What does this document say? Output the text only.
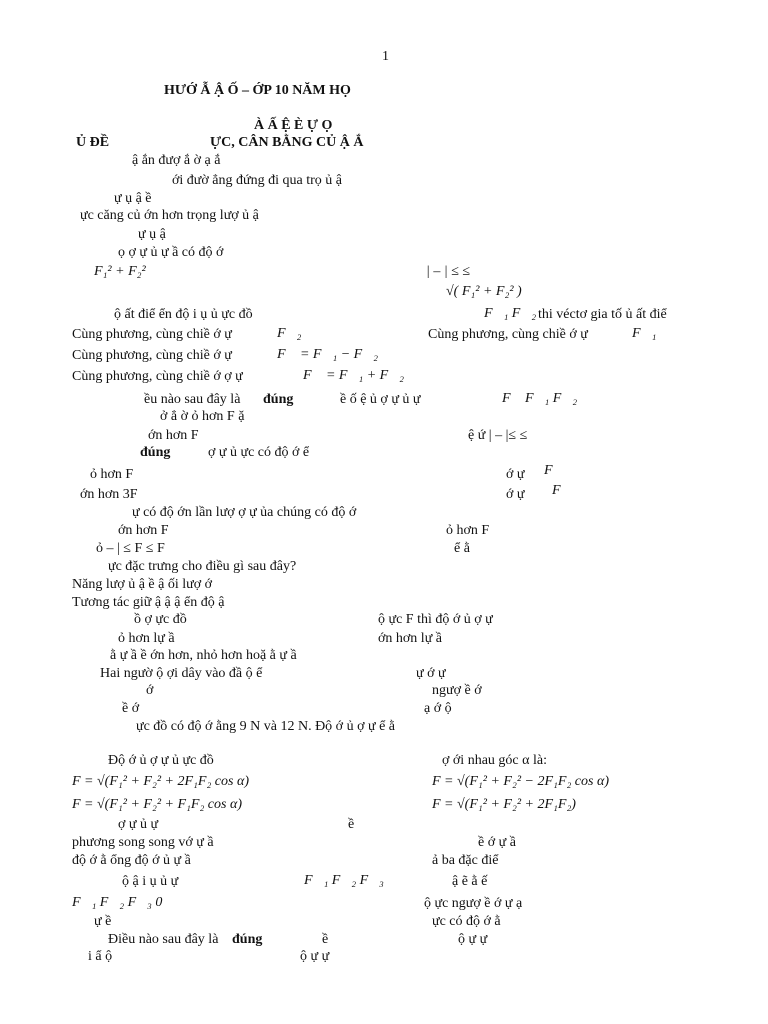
1
HƯỚ Ẫ Ậ Ố – ỚP 10 NĂM HỌ
À Ấ Ệ È Ự Ọ
Ủ ĐỀ	ỰC, CÂN BẰNG CỦ Ậ Ắ
ậ ắn đượ ắ ờ ạ ắ
ới đườ ẳng đứng đi qua trọ ủ ậ
ự ụ ậ ề
ực căng củ ớn hơn trọng lượ ủ ậ
ự ụ ậ
ọ ợ ự ủ ự ầ có độ ớ
F₁² + F₂²	| – | ≤ ≤
√( F₁² + F₂² )
ộ ất điể ển độ i ụ ủ ực đồ	F⃗₁ F⃗₂ thi véctơ gia tố ủ ất điể
Cùng phương, cùng chiề ớ ự	F⃗₂	Cùng phương, cùng chiề ớ ự	F⃗₁
Cùng phương, cùng chiề ớ ự	F⃗ = F⃗₁ − F⃗₂
Cùng phương, cùng chiề ớ ợ ự	F⃗ = F⃗₁ + F⃗₂
ều nào sau đây là đúng	ề ố ệ ủ ợ ự ủ ự	F⃗ F⃗₁ F⃗₂
ở ẳ ờ ỏ hơn F ặ
ớn hơn F	ệ ứ | – |≤ ≤
đúng	ợ ự ủ ực có độ ớ ể
ỏ hơn F	ớ ự F⃗
ớn hơn 3F	ớ ự F⃗
ự có độ ớn lần lượ ợ ự ủa chúng có độ ớ
ớn hơn F	ỏ hơn F
ỏ – | ≤ F ≤ F	ể ằ
ực đặc trưng cho điều gì sau đây?
Năng lượ ủ ậ ề ậ ối lượ ớ
Tương tác giữ ậ ậ ậ ển độ ậ
ồ ợ ực đồ	ộ ực F thì độ ớ ủ ợ ự
ỏ hơn lự ầ	ớn hơn lự ầ
ằ ự ầ ề ớn hơn, nhỏ hơn hoặ ằ ự ầ
Hai ngườ ộ ợi dây vào đầ ộ ể	ự ớ ự
ớ	ngượ ề ớ
ề ớ	ạ ớ ộ
ực đồ có độ ớ ằng 9 N và 12 N. Độ ớ ủ ợ ự ể ằ
Độ ớ ủ ợ ự ủ ực đồ	ợ ới nhau góc α là:
F = √(F₁² + F₂² + 2F₁F₂ cos α)	F = √(F₁² + F₂² − 2F₁F₂ cos α)
F = √(F₁² + F₂² + F₁F₂ cos α)	F = √(F₁² + F₂² + 2F₁F₂)
ợ ự ủ ự	ề
phương song song vớ ự ầ	ề ớ ự ầ
độ ớ ằ ổng độ ớ ủ ự ầ	ả ba đặc điể
ộ ậ i ụ ủ ự	F⃗₁ F⃗₂ F⃗₃	ậ ẽ ằ ế
F⃗₁ F⃗₂ F⃗₃ 0⃗	ộ ực ngượ ề ớ ự ạ
ự ề	ực có độ ớ ằ
Điều nào sau đây là đúng	ề	ộ ự ự
i ẩ ộ	ộ ự ự
